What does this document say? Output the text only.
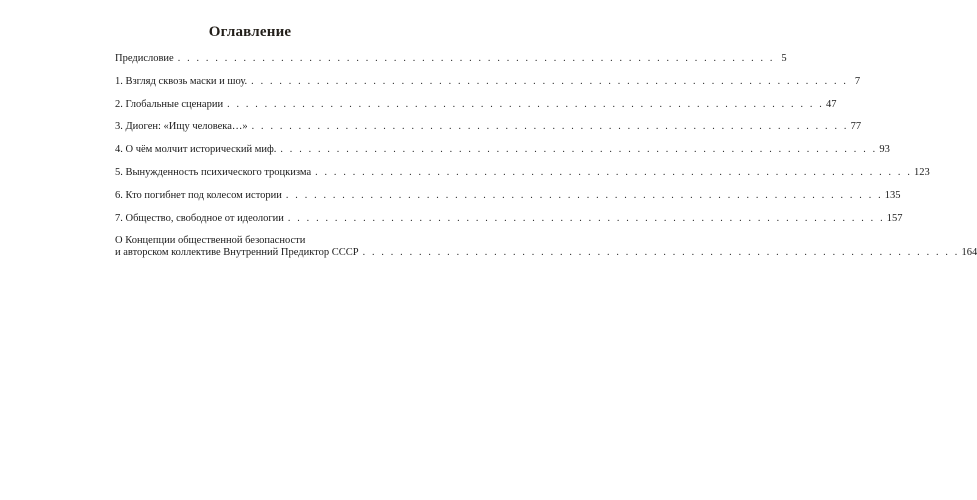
Оглавление
Предисловие . . . . . . . . . . . . . . . . . . . . . . . . . . . . . . . . . . . . . . . . . . . . . . . . . . . . . . . . . . . . . . . . 5
1. Взгляд сквозь маски и шоу. . . . . . . . . . . . . . . . . . . . . . . . . . . . . . . . . . . . . . . . . . . . . . . . . . . . . . . . . . . . . . . . . 7
2. Глобальные сценарии . . . . . . . . . . . . . . . . . . . . . . . . . . . . . . . . . . . . . . . . . . . . . . . . . . . . . . . . . . . . . . . . 47
3. Диоген: «Ищу человека…» . . . . . . . . . . . . . . . . . . . . . . . . . . . . . . . . . . . . . . . . . . . . . . . . . . . . . . . . . . . . . . . . 77
4. О чём молчит исторический миф. . . . . . . . . . . . . . . . . . . . . . . . . . . . . . . . . . . . . . . . . . . . . . . . . . . . . . . . . . . . . . . . . 93
5. Вынужденность психического троцкизма . . . . . . . . . . . . . . . . . . . . . . . . . . . . . . . . . . . . . . . . . . . . . . . . . . . . . . . . . . . . . . . . 123
6. Кто погибнет под колесом истории . . . . . . . . . . . . . . . . . . . . . . . . . . . . . . . . . . . . . . . . . . . . . . . . . . . . . . . . . . . . . . . . 135
7. Общество, свободное от идеологии . . . . . . . . . . . . . . . . . . . . . . . . . . . . . . . . . . . . . . . . . . . . . . . . . . . . . . . . . . . . . . . . 157
О Концепции общественной безопасности
и авторском коллективе Внутренний Предиктор СССР . . . . . . . . . . . . . . . . . . . . . . . . . . . . . . . . . . . . . . . . . . . . . . . . . . . . . . . . . . . . . . . . 164
